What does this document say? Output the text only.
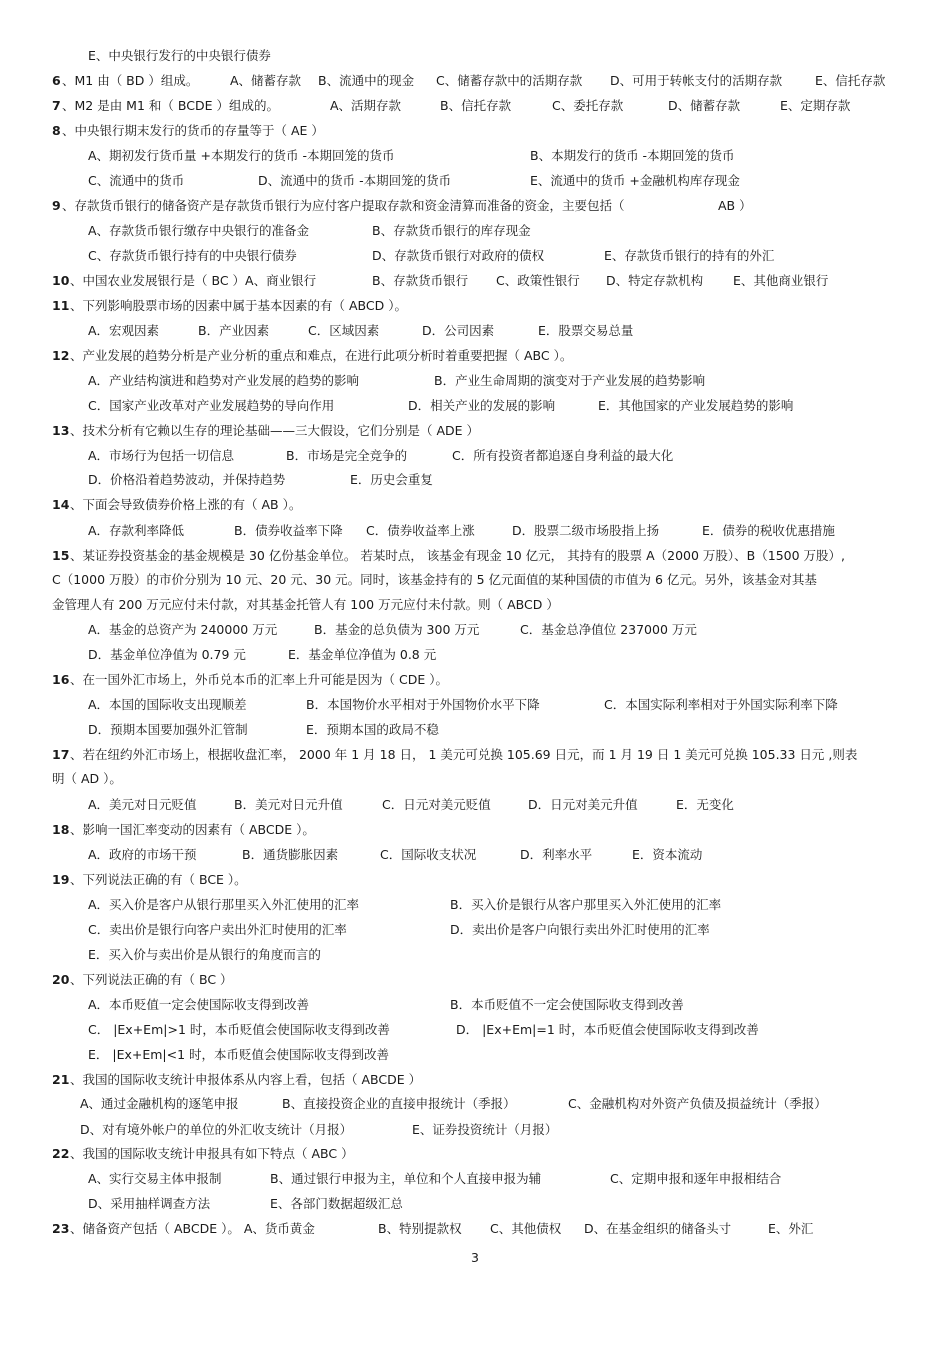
E、中央银行发行的中央银行债券
6 、M1 由（ BD ）组成。	A、储蓄存款 B、流通中的现金 C、储蓄存款中的活期存款 D、可用于转帐支付的活期存款	E、信托存款
7 、M2 是由 M1 和（ BCDE ）组成的。	A、活期存款	B、信托存款	C、委托存款	D、储蓄存款	E、定期存款
8 、中央银行期末发行的货币的存量等于（ AE ）
A、期初发行货币量 +本期发行的货币 -本期回笼的货币	B、本期发行的货币 -本期回笼的货币
C、流通中的货币	D、流通中的货币 -本期回笼的货币	E、流通中的货币 +金融机构库存现金
9 、存款货币银行的储备资产是存款货币银行为应付客户提取存款和资金清算而准备的资金，主要包括（	AB ）
A、存款货币银行缴存中央银行的准备金	B、存款货币银行的库存现金
C、存款货币银行持有的中央银行债券	D、存款货币银行对政府的债权	E、存款货币银行的持有的外汇
10 、中国农业发展银行是（ BC ）A、商业银行	B、存款货币银行 C、政策性银行 D、特定存款机构 E、其他商业银行
11 、下列影响股票市场的因素中属于基本因素的有（ ABCD ）。
A．宏观因素	B．产业因素	C．区域因素	D．公司因素	E．股票交易总量
12 、产业发展的趋势分析是产业分析的重点和难点，在进行此项分析时着重要把握（ ABC ）。
A．产业结构演进和趋势对产业发展的趋势的影响	B．产业生命周期的演变对于产业发展的趋势影响
C．国家产业改革对产业发展趋势的导向作用	D．相关产业的发展的影响	E．其他国家的产业发展趋势的影响
13 、技术分析有它赖以生存的理论基础——三大假设，它们分别是（ ADE ）
A．市场行为包括一切信息	B．市场是完全竞争的	C．所有投资者都追逐自身利益的最大化
D．价格沿着趋势波动，并保持趋势	E．历史会重复
14 、下面会导致债券价格上涨的有（ AB ）。
A．存款利率降低	B．债券收益率下降 C．债券收益率上涨	D．股票二级市场股指上扬	E．债券的税收优惠措施
15 、某证券投资基金的基金规模是 30 亿份基金单位。 若某时点， 该基金有现金 10 亿元， 其持有的股票 A（2000 万股）、B（1500 万股）,
C（1000 万股）的市价分别为 10 元、20 元、30 元。同时，该基金持有的 5 亿元面值的某种国债的市值为 6 亿元。另外，该基金对其基
金管理人有 200 万元应付未付款，对其基金托管人有 100 万元应付未付款。则（ ABCD ）
A．基金的总资产为 240000 万元	B．基金的总负债为 300 万元	C．基金总净值位 237000 万元
D．基金单位净值为 0.79 元	E．基金单位净值为 0.8 元
16 、在一国外汇市场上，外币兑本币的汇率上升可能是因为（ CDE ）。
A．本国的国际收支出现顺差	B．本国物价水平相对于外国物价水平下降	C．本国实际利率相对于外国实际利率下降
D．预期本国要加强外汇管制	E．预期本国的政局不稳
17 、若在纽约外汇市场上，根据收盘汇率， 2000 年 1 月 18 日， 1 美元可兑换 105.69 日元，而 1 月 19 日 1 美元可兑换 105.33 日元 ,则表
明（ AD ）。
A．美元对日元贬值	B．美元对日元升值	C．日元对美元贬值	D．日元对美元升值	E．无变化
18 、影响一国汇率变动的因素有（ ABCDE ）。
A．政府的市场干预	B．通货膨胀因素	C．国际收支状况	D．利率水平	E．资本流动
19 、下列说法正确的有（ BCE ）。
A．买入价是客户从银行那里买入外汇使用的汇率	B．买入价是银行从客户那里买入外汇使用的汇率
C．卖出价是银行向客户卖出外汇时使用的汇率	D．卖出价是客户向银行卖出外汇时使用的汇率
E．买入价与卖出价是从银行的角度而言的
20 、下列说法正确的有（ BC ）
A．本币贬值一定会使国际收支得到改善	B．本币贬值不一定会使国际收支得到改善
C． |Ex+Em|>1 时，本币贬值会使国际收支得到改善	D． |Ex+Em|=1 时，本币贬值会使国际收支得到改善
E． |Ex+Em|<1 时，本币贬值会使国际收支得到改善
21 、我国的国际收支统计申报体系从内容上看，包括（ ABCDE ）
A、通过金融机构的逐笔申报	B、直接投资企业的直接申报统计（季报）	C、金融机构对外资产负债及损益统计（季报）
D、对有境外帐户的单位的外汇收支统计（月报）	E、证券投资统计（月报）
22 、我国的国际收支统计申报具有如下特点（ ABC ）
A、实行交易主体申报制	B、通过银行申报为主，单位和个人直接申报为辅	C、定期申报和逐年申报相结合
D、采用抽样调查方法	E、各部门数据超级汇总
23 、储备资产包括（ ABCDE ）。 A、货币黄金	B、特别提款权 C、其他债权 D、在基金组织的储备头寸	E、外汇
3
